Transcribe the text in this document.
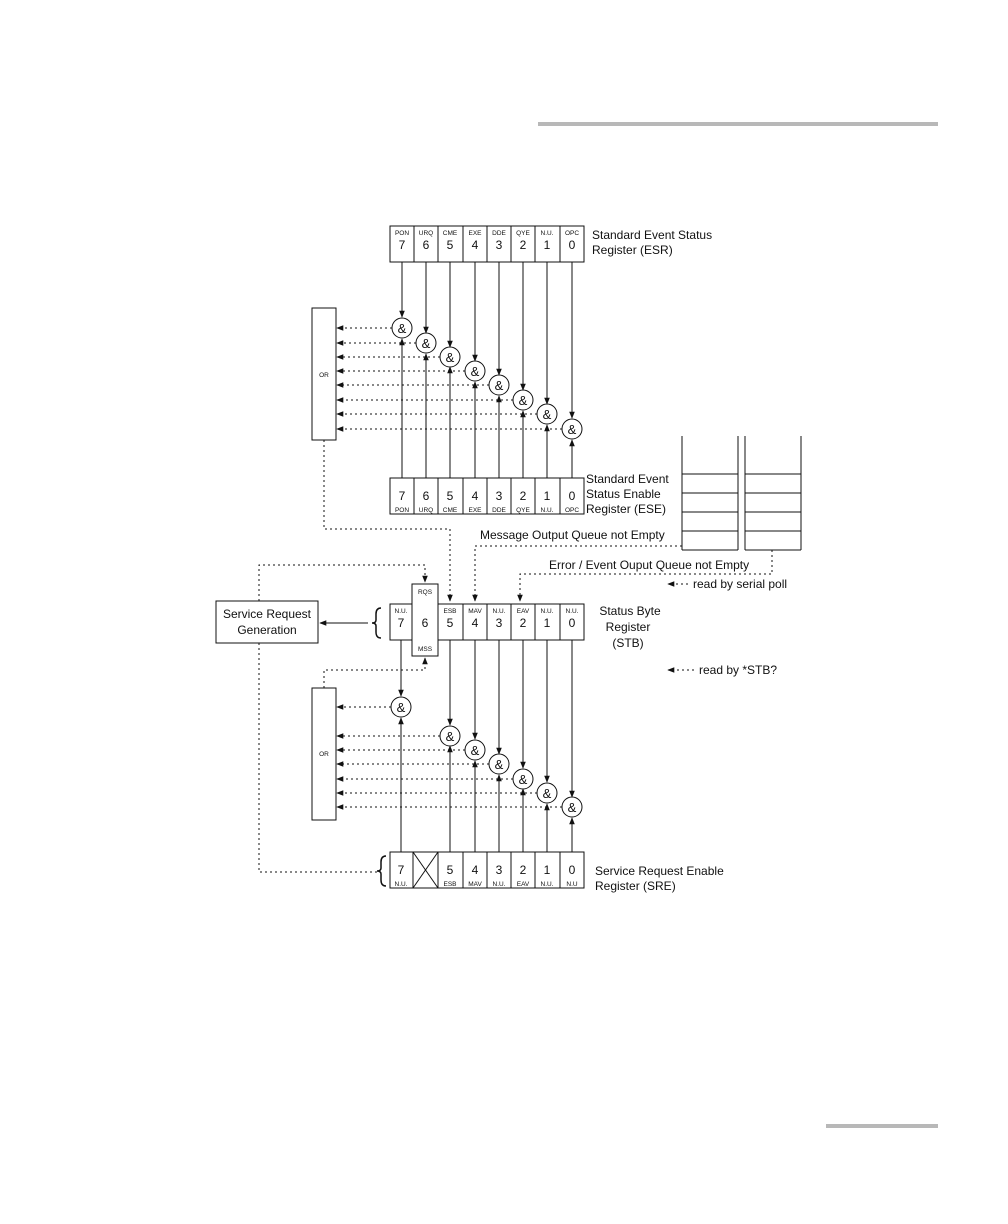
PON URQ CME EXE DDE QYE N.U. OPC
7 6 5 4 3 2 1 0
Standard Event Status
Register (ESR)
&
&
&
&
&
&
&
&
OR
7 6 5 4 3 2 1 0
PON URQ CME EXE DDE QYE N.U. OPC
Standard Event
Status Enable
Register (ESE)
Message Output Queue not Empty
Error / Event Ouput Queue not Empty
read by serial poll
RQS
MSS
N.U.	ESB MAV N.U. EAV N.U. N.U.
7 6 5 4 3 2 1 0
Status Byte
Register
(STB)
read by *STB?
Service Request
Generation
&
&
&
&
&
&
&
OR
7	5 4 3 2 1 0
N.U.	ESB MAV N.U. EAV N.U. N.U
Service Request Enable
Register (SRE)
